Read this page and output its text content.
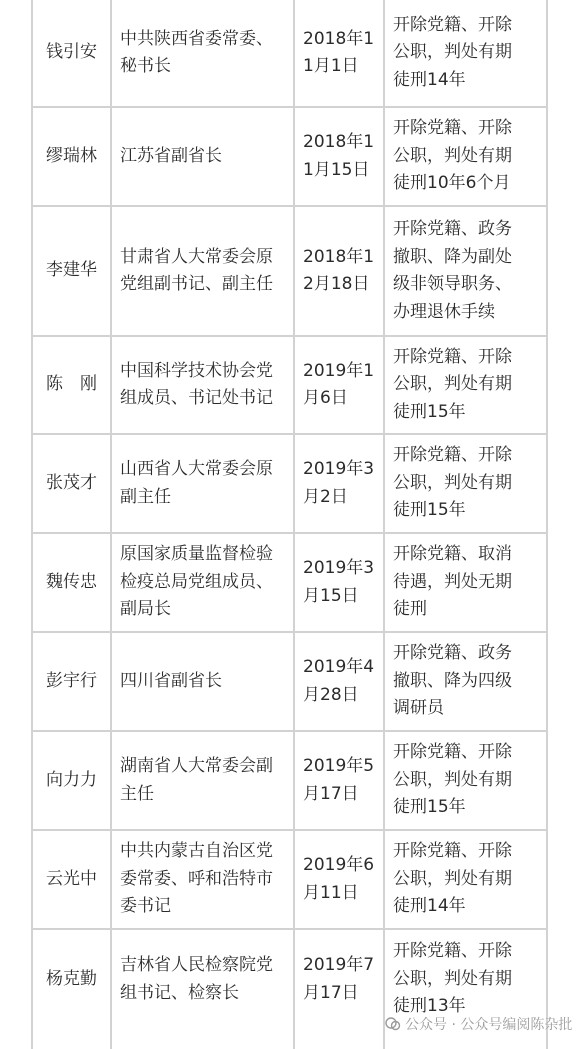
钱引安
中共陕西省委常委、
秘书长
2018年1
1月1日
开除党籍、开除
公职，判处有期
徒刑14年
缪瑞林	江苏省副省长
2018年1
1月15日
开除党籍、开除
公职，判处有期
徒刑10年6个月
李建华
甘肃省人大常委会原
党组副书记、副主任
2018年1
2月18日
开除党籍、政务
撤职、降为副处
级非领导职务、
办理退休手续
陈　刚
中国科学技术协会党
组成员、书记处书记
2019年1
月6日
开除党籍、开除
公职，判处有期
徒刑15年
张茂才
山西省人大常委会原
副主任
2019年3
月2日
开除党籍、开除
公职，判处有期
徒刑15年
魏传忠
原国家质量监督检验
检疫总局党组成员、
副局长
2019年3
月15日
开除党籍、取消
待遇，判处无期
徒刑
彭宇行	四川省副省长
2019年4
月28日
开除党籍、政务
撤职、降为四级
调研员
向力力
湖南省人大常委会副
主任
2019年5
月17日
开除党籍、开除
公职，判处有期
徒刑15年
云光中
中共内蒙古自治区党
委常委、呼和浩特市
委书记
2019年6
月11日
开除党籍、开除
公职，判处有期
徒刑14年
杨克勤
吉林省人民检察院党
组书记、检察长
2019年7
月17日
开除党籍、开除
公职，判处有期
徒刑13年
公众号 · 公众号编阅陈杂批
